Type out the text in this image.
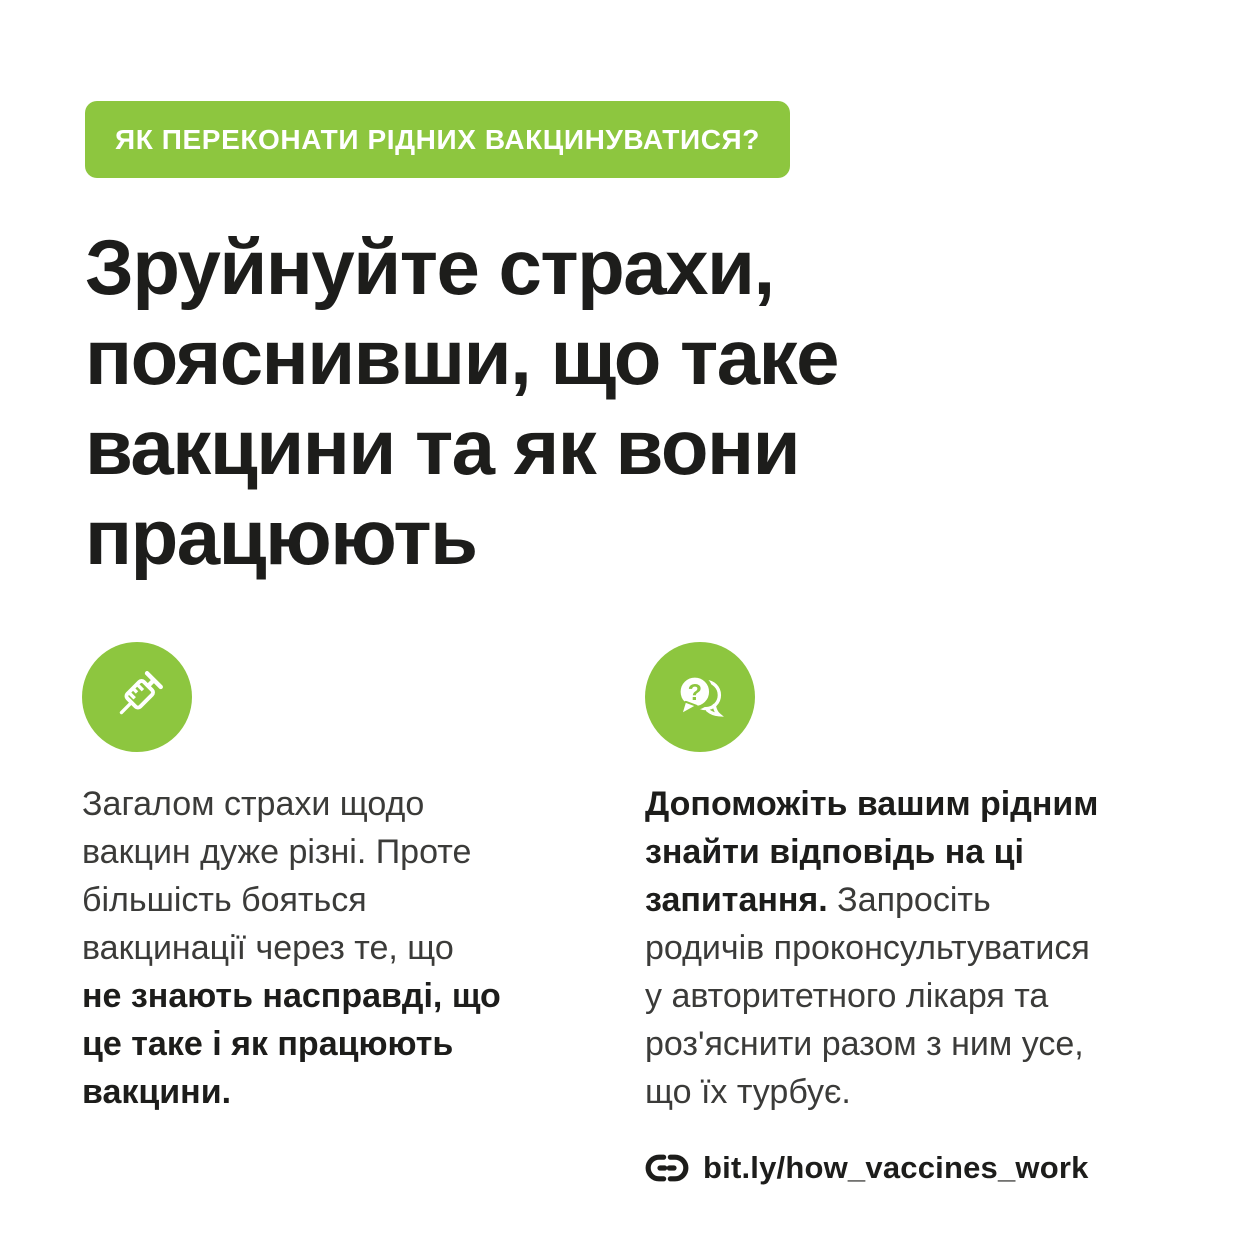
ЯК ПЕРЕКОНАТИ РІДНИХ ВАКЦИНУВАТИСЯ?
Зруйнуйте страхи,
пояснивши, що таке
вакцини та як вони
працюють

Загалом страхи щодо
вакцин дуже різні. Проте
більшість бояться
вакцинації через те, що
не знають насправді, що
це таке і як працюють
вакцини.

?

Допоможіть вашим рідним
знайти відповідь на ці
запитання. Запросіть
родичів проконсультуватися
у авторитетного лікаря та
роз'яснити разом з ним усе,
що їх турбує.

bit.ly/how_vaccines_work
